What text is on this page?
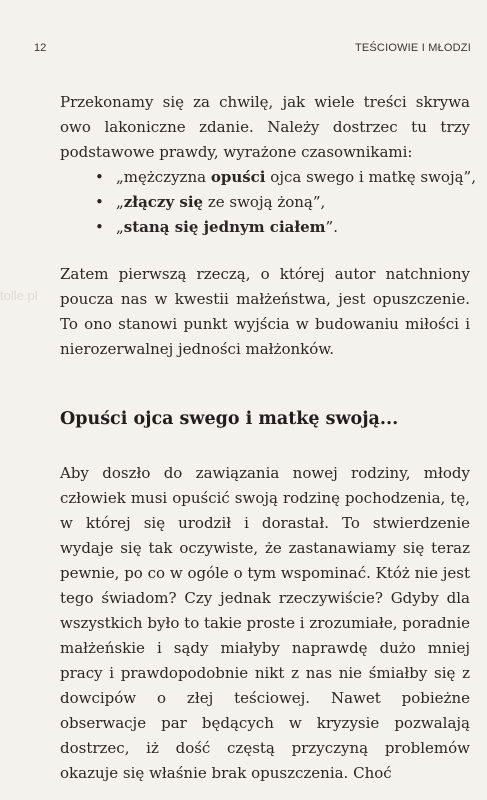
12	TEŚCIOWIE I MŁODZI
tolle.pl

Przekonamy się za chwilę, jak wiele treści skrywa owo lakoniczne zdanie. Należy dostrzec tu trzy podstawowe prawdy, wyrażone czasownikami:

• „mężczyzna opuści ojca swego i matkę swoją”,
• „złączy się ze swoją żoną”,
• „staną się jednym ciałem”.

Zatem pierwszą rzeczą, o której autor natchniony poucza nas w kwestii małżeństwa, jest opuszczenie. To ono stanowi punkt wyjścia w budowaniu miłości i nierozerwalnej jedności małżonków.

Opuści ojca swego i matkę swoją...

Aby doszło do zawiązania nowej rodziny, młody człowiek musi opuścić swoją rodzinę pochodzenia, tę, w której się urodził i dorastał. To stwierdzenie wydaje się tak oczywiste, że zastanawiamy się teraz pewnie, po co w ogóle o tym wspominać. Któż nie jest tego świadom? Czy jednak rzeczywiście? Gdyby dla wszystkich było to takie proste i zrozumiałe, poradnie małżeńskie i sądy miałyby naprawdę dużo mniej pracy i prawdopodobnie nikt z nas nie śmiałby się z dowcipów o złej teściowej. Nawet pobieżne obserwacje par będących w kryzysie pozwalają dostrzec, iż dość częstą przyczyną problemów okazuje się właśnie brak opuszczenia. Choć
